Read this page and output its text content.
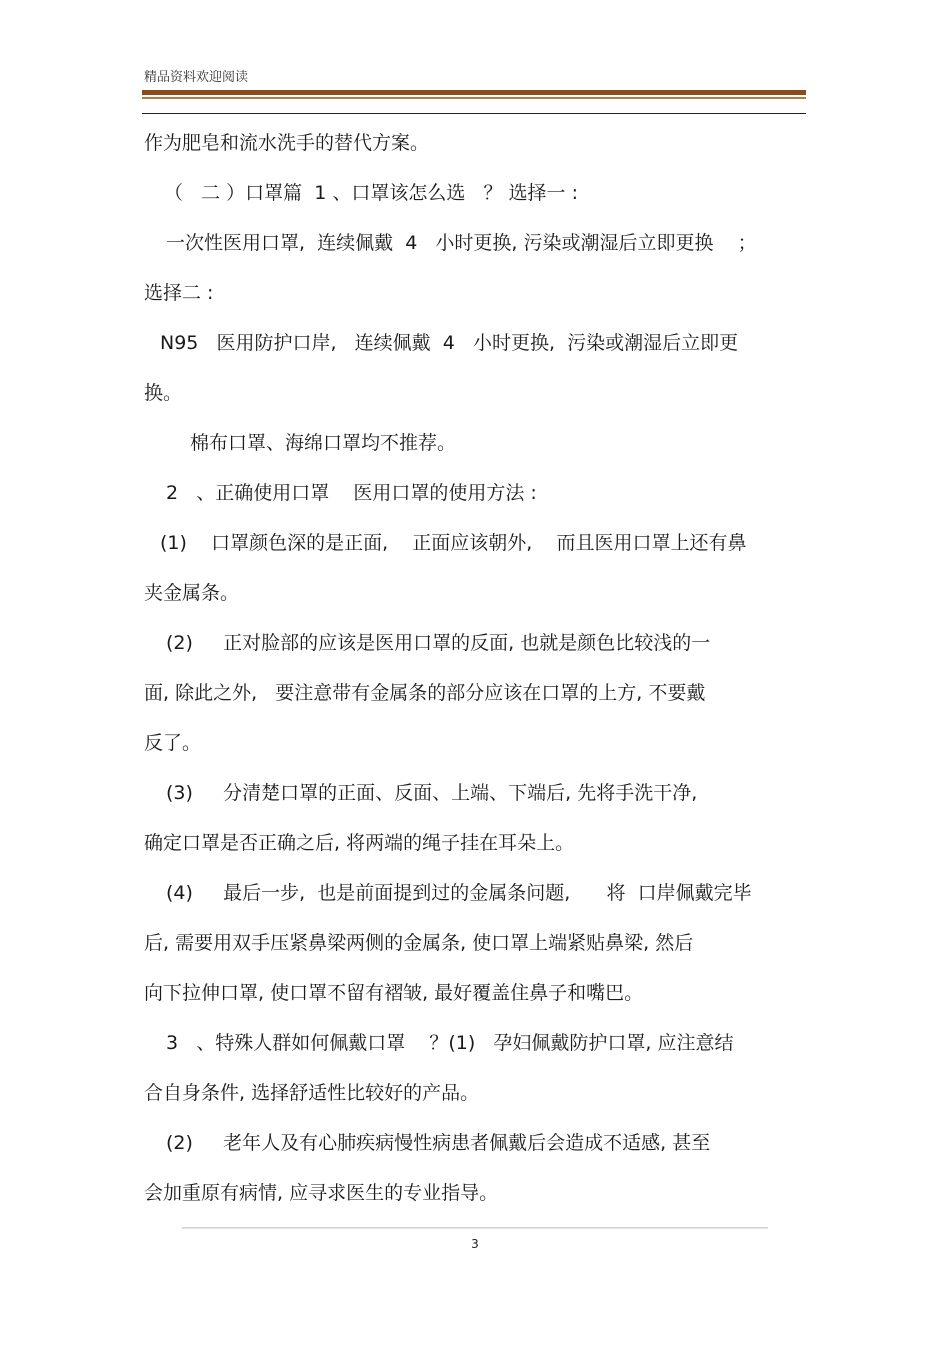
精品资料欢迎阅读
作为肥皂和流水洗手的替代方案。
（   二 ）口罩篇  1 、口罩该怎么选   ？ 选择一 :
一次性医用口罩,  连续佩戴  4   小时更换, 污染或潮湿后立即更换    ；
选择二 :
N95   医用防护口岸,   连续佩戴  4   小时更换,  污染或潮湿后立即更
换。
棉布口罩、海绵口罩均不推荐。
2   、正确使用口罩    医用口罩的使用方法 :
(1)    口罩颜色深的是正面,    正面应该朝外,    而且医用口罩上还有鼻
夹金属条。
(2)     正对脸部的应该是医用口罩的反面, 也就是颜色比较浅的一
面, 除此之外,   要注意带有金属条的部分应该在口罩的上方, 不要戴
反了。
(3)     分清楚口罩的正面、反面、上端、下端后, 先将手洗干净,
确定口罩是否正确之后, 将两端的绳子挂在耳朵上。
(4)     最后一步,  也是前面提到过的金属条问题,      将  口岸佩戴完毕
后, 需要用双手压紧鼻梁两侧的金属条, 使口罩上端紧贴鼻梁, 然后
向下拉伸口罩, 使口罩不留有褶皱, 最好覆盖住鼻子和嘴巴。
3   、特殊人群如何佩戴口罩    ？(1)   孕妇佩戴防护口罩, 应注意结
合自身条件, 选择舒适性比较好的产品。
(2)     老年人及有心肺疾病慢性病患者佩戴后会造成不适感, 甚至
会加重原有病情, 应寻求医生的专业指导。
3
